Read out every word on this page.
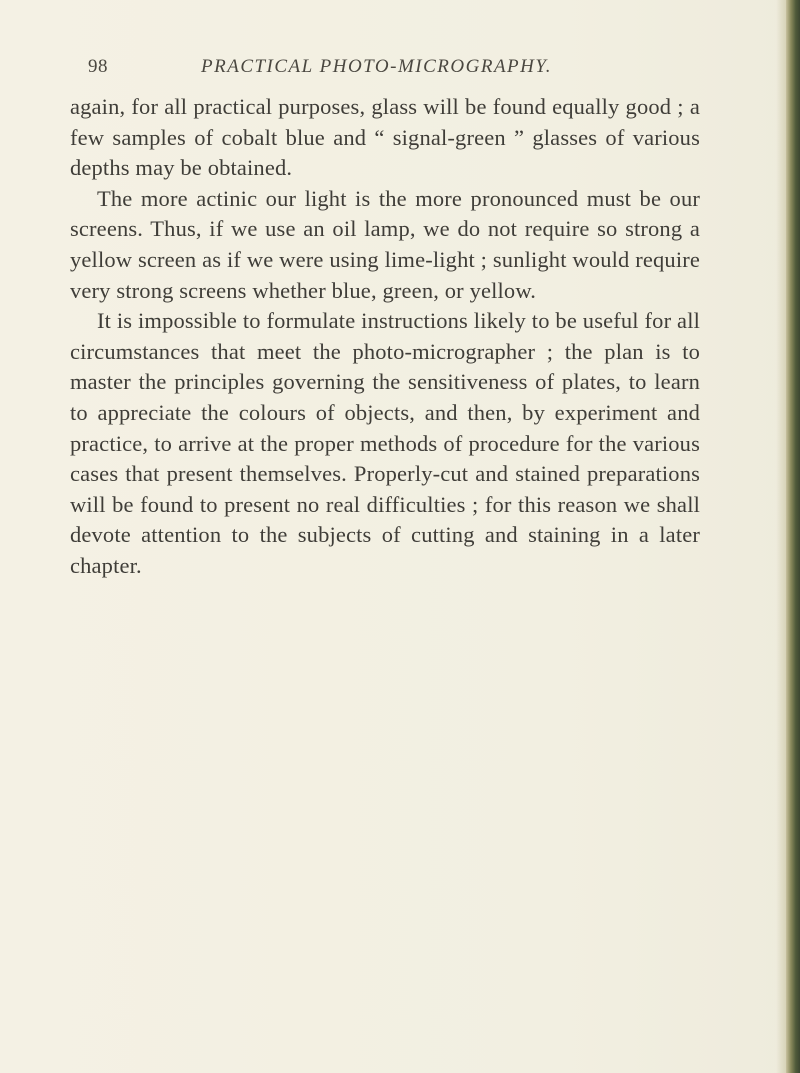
98	PRACTICAL PHOTO-MICROGRAPHY.

again, for all practical purposes, glass will be found equally good ; a few samples of cobalt blue and “ signal-green ” glasses of various depths may be obtained.

The more actinic our light is the more pronounced must be our screens. Thus, if we use an oil lamp, we do not require so strong a yellow screen as if we were using lime-light ; sunlight would require very strong screens whether blue, green, or yellow.

It is impossible to formulate instructions likely to be useful for all circumstances that meet the photo-micrographer ; the plan is to master the principles governing the sensitiveness of plates, to learn to appreciate the colours of objects, and then, by experiment and practice, to arrive at the proper methods of procedure for the various cases that present themselves. Properly-cut and stained preparations will be found to present no real difficulties ; for this reason we shall devote attention to the subjects of cutting and staining in a later chapter.
